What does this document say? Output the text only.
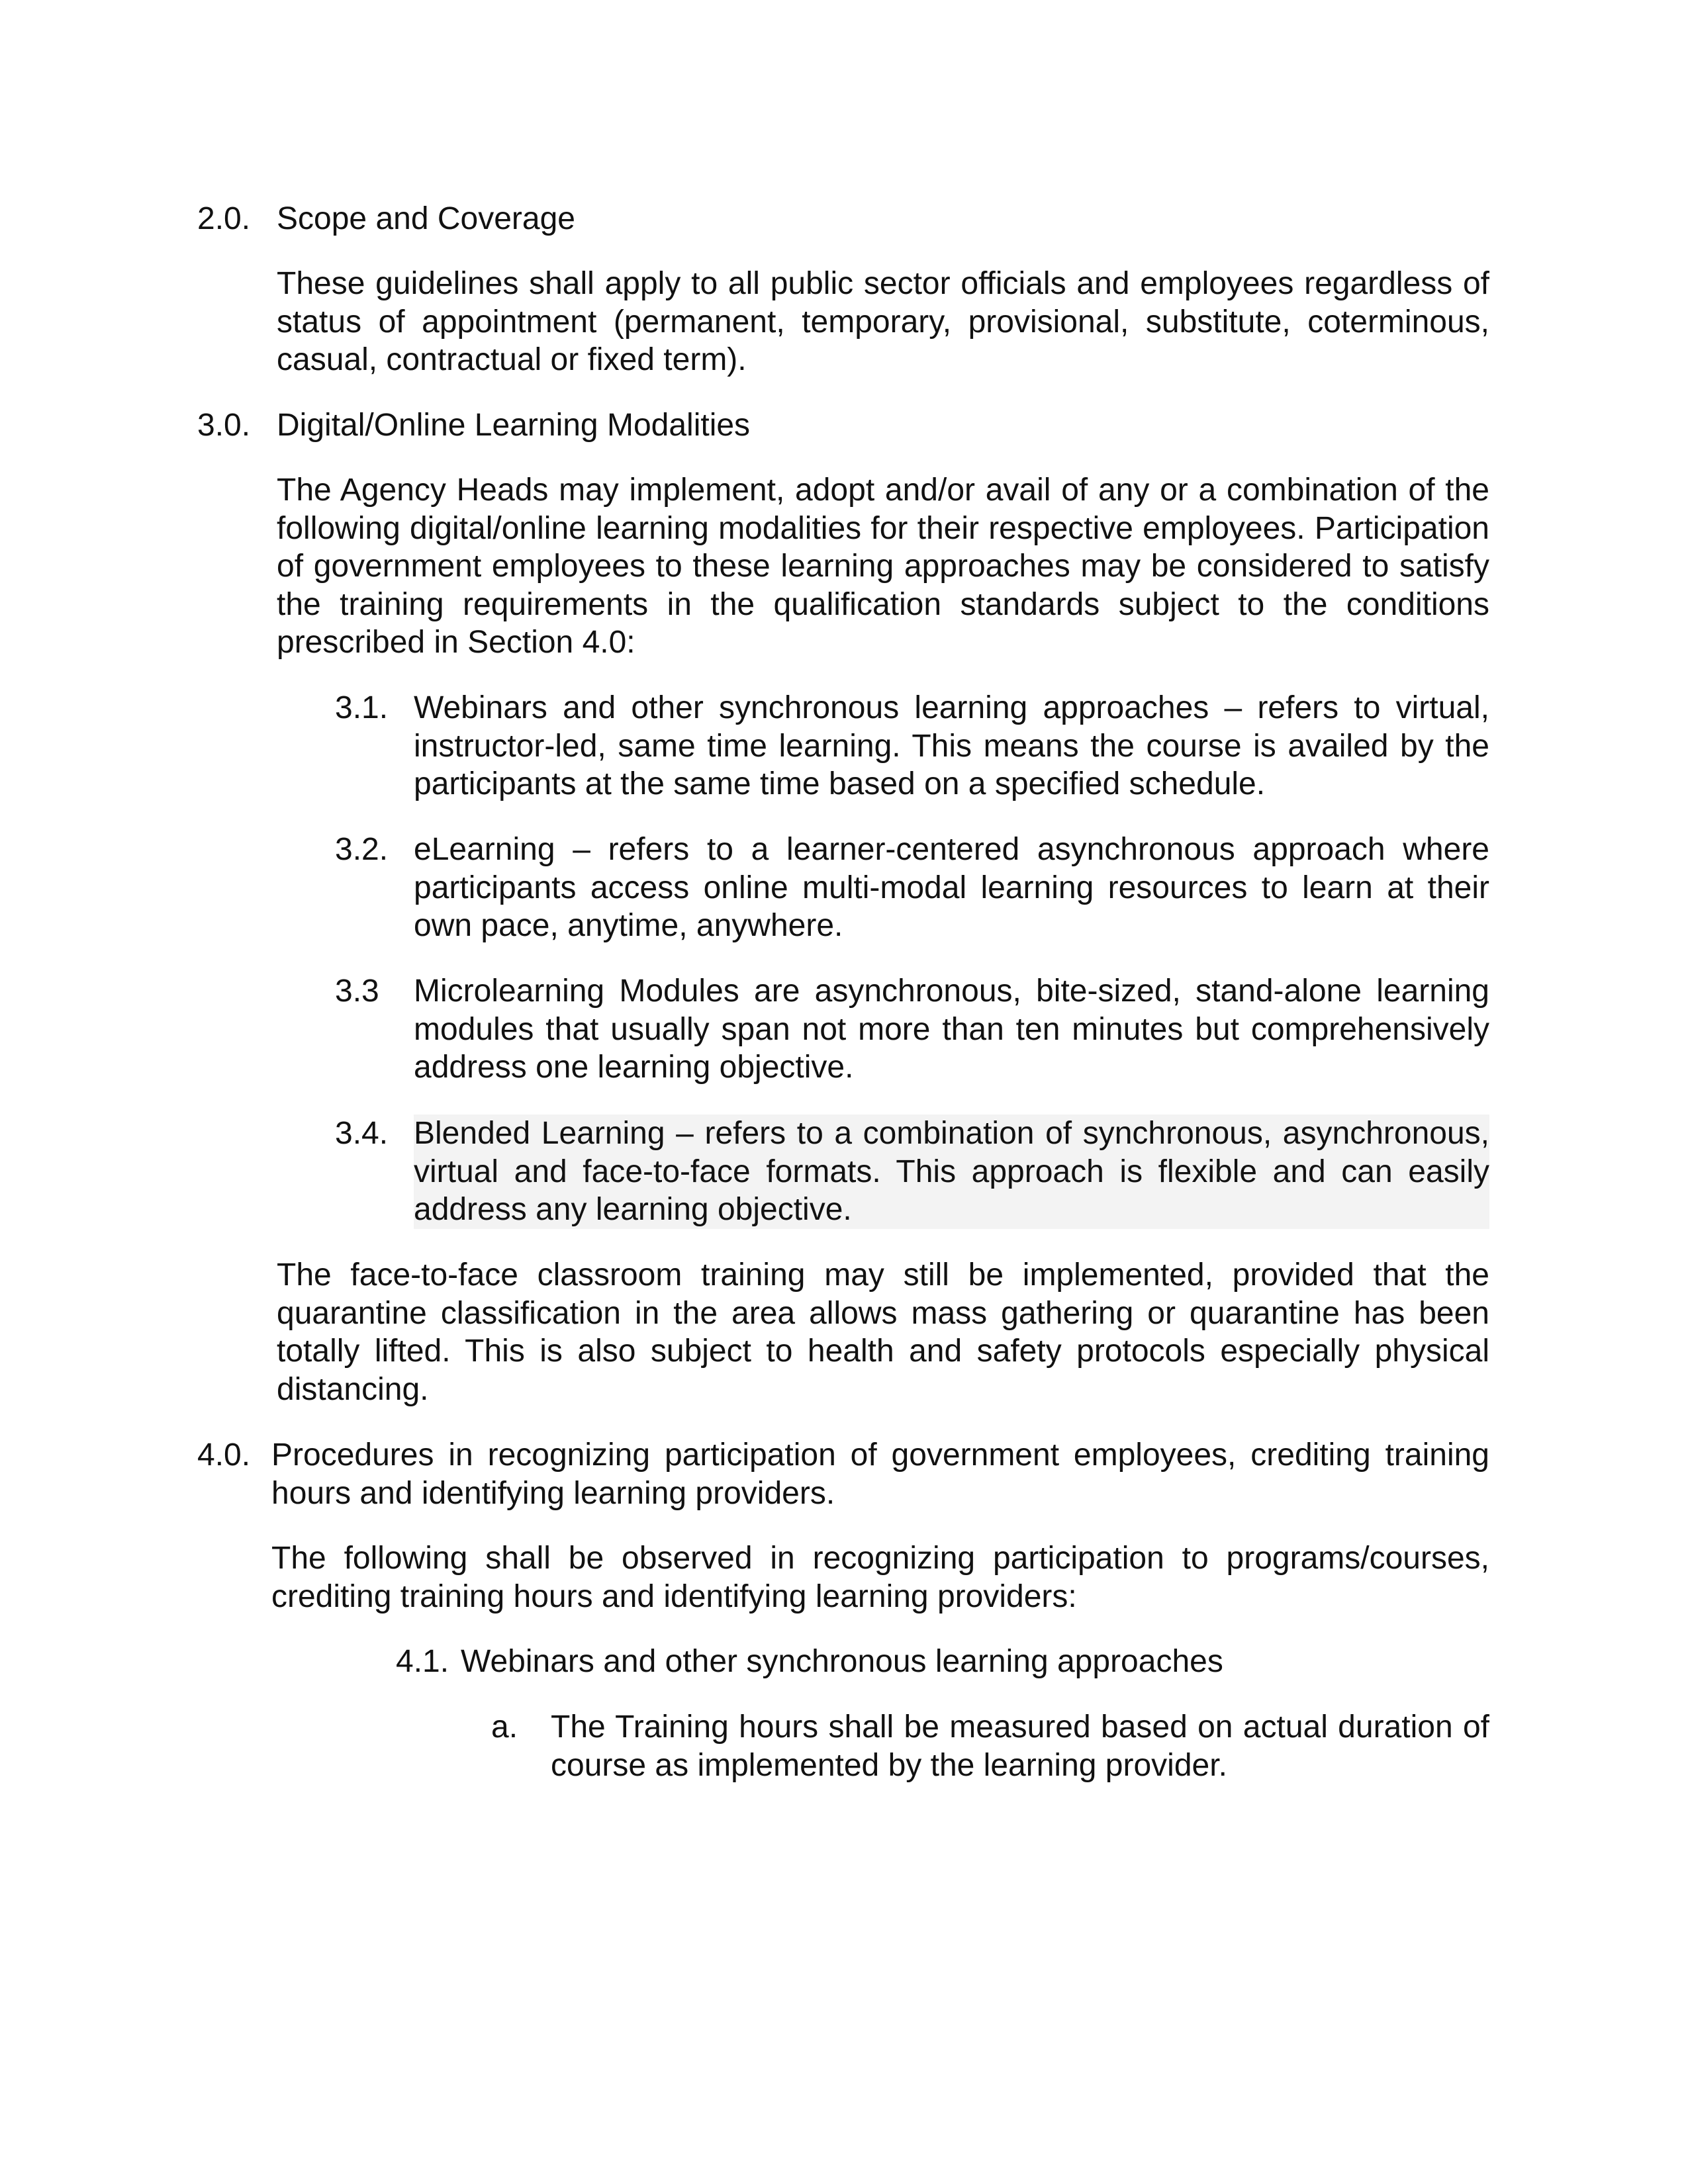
2.0. Scope and Coverage

These guidelines shall apply to all public sector officials and employees regardless of status of appointment (permanent, temporary, provisional, substitute, coterminous, casual, contractual or fixed term).

3.0. Digital/Online Learning Modalities

The Agency Heads may implement, adopt and/or avail of any or a combination of the following digital/online learning modalities for their respective employees. Participation of government employees to these learning approaches may be considered to satisfy the training requirements in the qualification standards subject to the conditions prescribed in Section 4.0:

3.1. Webinars and other synchronous learning approaches – refers to virtual, instructor-led, same time learning. This means the course is availed by the participants at the same time based on a specified schedule.

3.2. eLearning – refers to a learner-centered asynchronous approach where participants access online multi-modal learning resources to learn at their own pace, anytime, anywhere.

3.3 Microlearning Modules are asynchronous, bite-sized, stand-alone learning modules that usually span not more than ten minutes but comprehensively address one learning objective.

3.4. Blended Learning – refers to a combination of synchronous, asynchronous, virtual and face-to-face formats. This approach is flexible and can easily address any learning objective.

The face-to-face classroom training may still be implemented, provided that the quarantine classification in the area allows mass gathering or quarantine has been totally lifted. This is also subject to health and safety protocols especially physical distancing.

4.0. Procedures in recognizing participation of government employees, crediting training hours and identifying learning providers.

The following shall be observed in recognizing participation to programs/courses, crediting training hours and identifying learning providers:

4.1. Webinars and other synchronous learning approaches
a. The Training hours shall be measured based on actual duration of course as implemented by the learning provider.
